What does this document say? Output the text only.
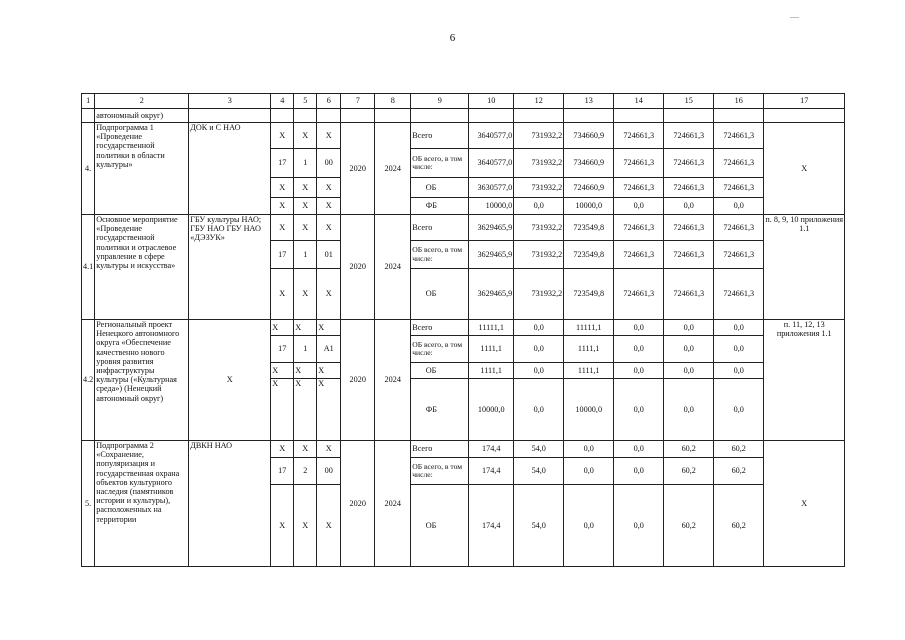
6
—
1	2	3	4	5	6	7	8	9		10	12	13	14	15	16	17
	автономный округ)															
4.	Подпрограмма 1 «Проведение государственной политики в области культуры»	ДОК и С НАО	X	X	X	2020	2024	Всего		3640577,0	731932,2	734660,9	724661,3	724661,3	724661,3	X
			17	1	00			ОБ всего, в том числе:		3640577,0	731932,2	734660,9	724661,3	724661,3	724661,3	
			X	X	X				ОБ	3630577,0	731932,2	724660,9	724661,3	724661,3	724661,3	
			X	X	X				ФБ	10000,0	0,0	10000,0	0,0	0,0	0,0	
4.1	Основное мероприятие «Проведение государственной политики и отраслевое управление в сфере культуры и искусства»	ГБУ культуры НАО; ГБУ НАО ГБУ НАО «ДЭЗУК»	X	X	X	2020	2024	Всего		3629465,9	731932,2	723549,8	724661,3	724661,3	724661,3	п. 8, 9, 10 приложения 1.1
			17	1	01			ОБ всего, в том числе:		3629465,9	731932,2	723549,8	724661,3	724661,3	724661,3	
			X	X	X				ОБ	3629465,9	731932,2	723549,8	724661,3	724661,3	724661,3	
4.2	Региональный проект Ненецкого автономного округа «Обеспечение качественно нового уровня развития инфраструктуры культуры («Культурная среда») (Ненецкий автономный округ)	X	X	X	X	2020	2024	Всего		11111,1	0,0	11111,1	0,0	0,0	0,0	п. 11, 12, 13 приложения 1.1
			17	1	A1			ОБ всего, в том числе:		1111,1	0,0	1111,1	0,0	0,0	0,0	
			X	X	X				ОБ	1111,1	0,0	1111,1	0,0	0,0	0,0	
			X	X	X				ФБ	10000,0	0,0	10000,0	0,0	0,0	0,0	
5.	Подпрограмма 2 «Сохранение, популяризация и государственная охрана объектов культурного наследия (памятников истории и культуры), расположенных на территории	ДВКН НАО	X	X	X	2020	2024	Всего		174,4	54,0	0,0	0,0	60,2	60,2	X
			17	2	00			ОБ всего, в том числе:		174,4	54,0	0,0	0,0	60,2	60,2	
			X	X	X				ОБ	174,4	54,0	0,0	0,0	60,2	60,2	
